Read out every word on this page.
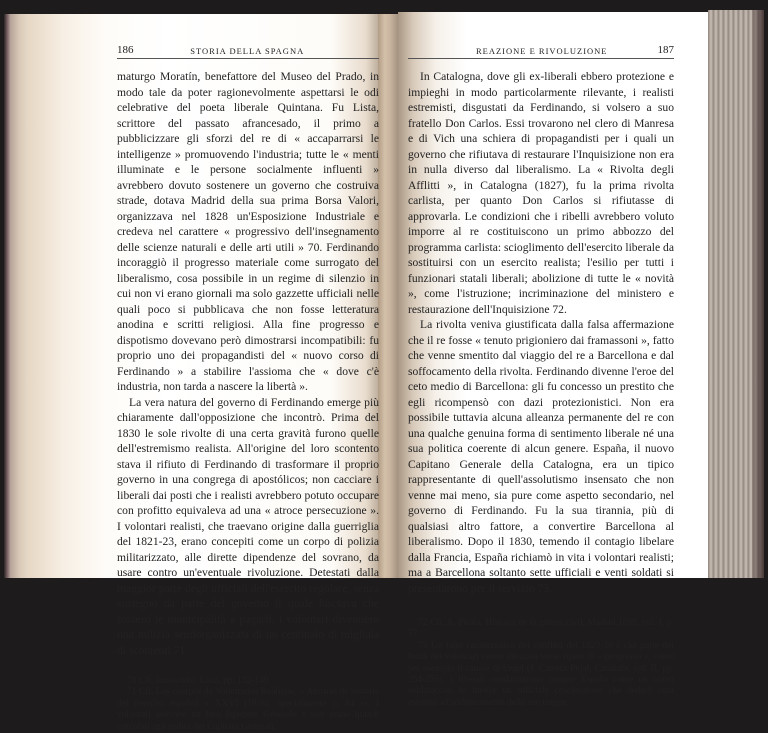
186	STORIA DELLA SPAGNA

maturgo Moratín, benefattore del Museo del Prado, in modo tale da poter ragionevolmente aspettarsi le odi celebrative del poeta liberale Quintana. Fu Lista, scrittore del passato afrancesado, il primo a pubblicizzare gli sforzi del re di « accaparrarsi le intelligenze » promuovendo l'industria; tutte le « menti illuminate e le persone socialmente influenti » avrebbero dovuto sostenere un governo che costruiva strade, dotava Madrid della sua prima Borsa Valori, organizzava nel 1828 un'Esposizione Industriale e credeva nel carattere « progressivo dell'insegnamento delle scienze naturali e delle arti utili » 70. Ferdinando incoraggiò il progresso materiale come surrogato del liberalismo, cosa possibile in un regime di silenzio in cui non vi erano giornali ma solo gazzette ufficiali nelle quali poco si pubblicava che non fosse letteratura anodina e scritti religiosi. Alla fine progresso e dispotismo dovevano però dimostrarsi incompatibili: fu proprio uno dei propagandisti del « nuovo corso di Ferdinando » a stabilire l'assioma che « dove c'è industria, non tarda a nascere la libertà ».

La vera natura del governo di Ferdinando emerge più chiaramente dall'opposizione che incontrò. Prima del 1830 le sole rivolte di una certa gravità furono quelle dell'estremismo realista. All'origine del loro scontento stava il rifiuto di Ferdinando di trasformare il proprio governo in una congrega di apostólicos; non cacciare i liberali dai posti che i realisti avrebbero potuto occupare con profitto equivaleva ad una « atroce persecuzione ». I volontari realisti, che traevano origine dalla guerriglia del 1821-23, erano concepiti come un corpo di polizia militarizzato, alle dirette dipendenze del sovrano, da usare contro un'eventuale rivoluzione. Detestati dalla maggior parte degli ufficiali dell'esercito regolare, senza sostegno da parte del governo il quale lasciava che fossero le municipalità a pagarli, i volontari divennero una milizia semiorganizzata di un centinaio di migliaia di scontenti 71.

70 Cfr. Juretschke, Lista, pp. 132-149.

71 Cfr. Los cuerpos de Voluntarios Realistas, « Anuario de historia del derecho español » XXVI (1936), specialmente p. 84 ss. I volontari avevano un loro Ispettore Generale e non erano quindi vincolati agli ordini dei Capitani Generali.

REAZIONE E RIVOLUZIONE	187

In Catalogna, dove gli ex-liberali ebbero protezione e impieghi in modo particolarmente rilevante, i realisti estremisti, disgustati da Ferdinando, si volsero a suo fratello Don Carlos. Essi trovarono nel clero di Manresa e di Vich una schiera di propagandisti per i quali un governo che rifiutava di restaurare l'Inquisizione non era in nulla diverso dal liberalismo. La « Rivolta degli Afflitti », in Catalogna (1827), fu la prima rivolta carlista, per quanto Don Carlos si rifiutasse di approvarla. Le condizioni che i ribelli avrebbero voluto imporre al re costituiscono un primo abbozzo del programma carlista: scioglimento dell'esercito liberale da sostituirsi con un esercito realista; l'esilio per tutti i funzionari statali liberali; abolizione di tutte le « novità », come l'istruzione; incriminazione del ministero e restaurazione dell'Inquisizione 72.

La rivolta veniva giustificata dalla falsa affermazione che il re fosse « tenuto prigioniero dai framassoni », fatto che venne smentito dal viaggio del re a Barcellona e dal soffocamento della rivolta. Ferdinando divenne l'eroe del ceto medio di Barcellona: gli fu concesso un prestito che egli ricompensò con dazi protezionistici. Non era possibile tuttavia alcuna alleanza permanente del re con una qualche genuina forma di sentimento liberale né una sua politica coerente di alcun genere. España, il nuovo Capitano Generale della Catalogna, era un tipico rappresentante di quell'assolutismo insensato che non venne mai meno, sia pure come aspetto secondario, nel governo di Ferdinando. Fu la sua tirannia, più di qualsiasi altro fattore, a convertire Barcellona al liberalismo. Dopo il 1830, temendo il contagio libelare dalla Francia, España richiamò in vita i volontari realisti; ma a Barcellona soltanto sette ufficiali e venti soldati si presentarono per il servizio 73.

72 Cfr. A. Pirala, Historia de la guerra civil, Madrid 1889, vol. I, p. 57.

73 Un fatto caratteristico dei conflitti del 1823-30 è che parte dei fondi dei volontari venne dirottata verso opere di « progresso », come per esempio il canale di Urgel (J. Carrera Pujal, Cataluña, vol. II, pp. 254-255). I liberali condannarono sempre España come un rozzo soldataccio; fu invece un ufficiale coscienzioso che dedicò cura estrema all'addestramente delle sue truppe.
